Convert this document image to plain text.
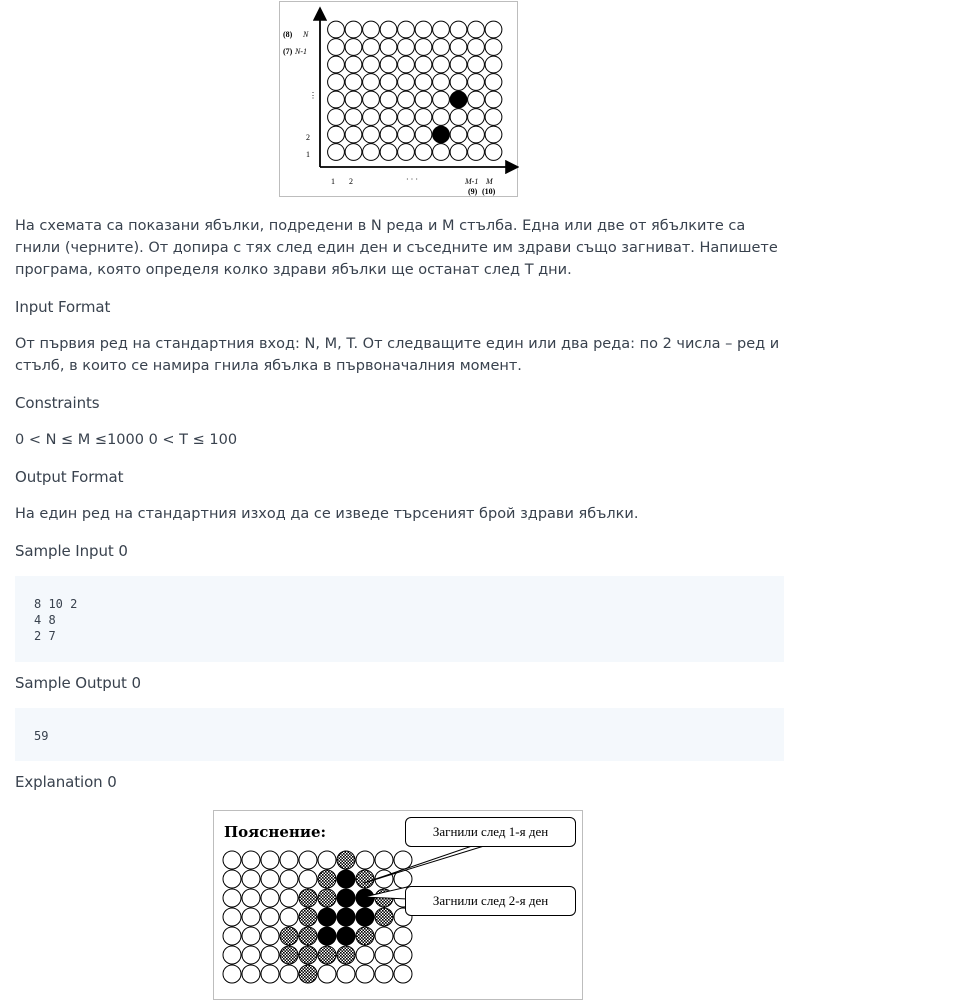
(8) N
(7) N-1
⋮
2
1
1 2	· · ·	M-1 M
(9) (10)

На схемата са показани ябълки, подредени в N реда и M стълба. Една или две от ябълките са гнили (черните). От допира с тях след един ден и съседните им здрави също загниват. Напишете програма, която определя колко здрави ябълки ще останат след T дни.

Input Format

От първия ред на стандартния вход: N, M, T. От следващите един или два реда: по 2 числа – ред и стълб, в които се намира гнила ябълка в първоначалния момент.

Constraints

0 < N ≤ M ≤1000 0 < T ≤ 100

Output Format

На един ред на стандартния изход да се изведе търсеният брой здрави ябълки.

Sample Input 0
8 10 2
4 8
2 7
Sample Output 0
59
Explanation 0
Пояснение:	Загнили след 1-я ден
Загнили след 2-я ден
